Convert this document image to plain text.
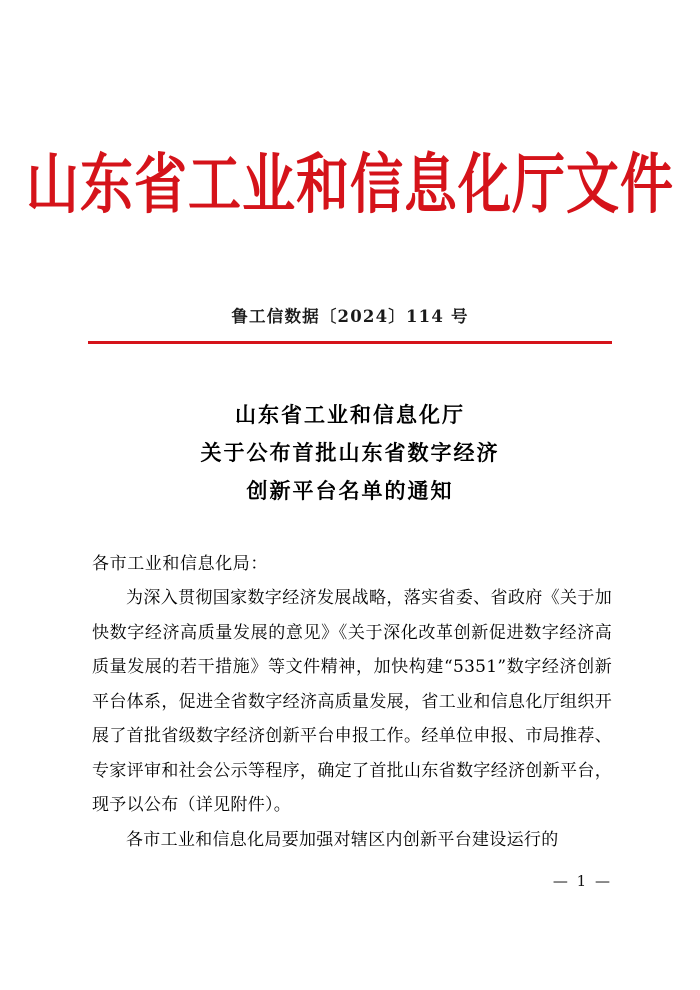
山东省工业和信息化厅文件
鲁工信数据〔2024〕114 号
山东省工业和信息化厅
关于公布首批山东省数字经济
创新平台名单的通知
各市工业和信息化局：
为深入贯彻国家数字经济发展战略，落实省委、省政府《关于加快数字经济高质量发展的意见》《关于深化改革创新促进数字经济高质量发展的若干措施》等文件精神，加快构建“5351”数字经济创新平台体系，促进全省数字经济高质量发展，省工业和信息化厅组织开展了首批省级数字经济创新平台申报工作。经单位申报、市局推荐、专家评审和社会公示等程序，确定了首批山东省数字经济创新平台，现予以公布（详见附件）。
各市工业和信息化局要加强对辖区内创新平台建设运行的
— 1 —
